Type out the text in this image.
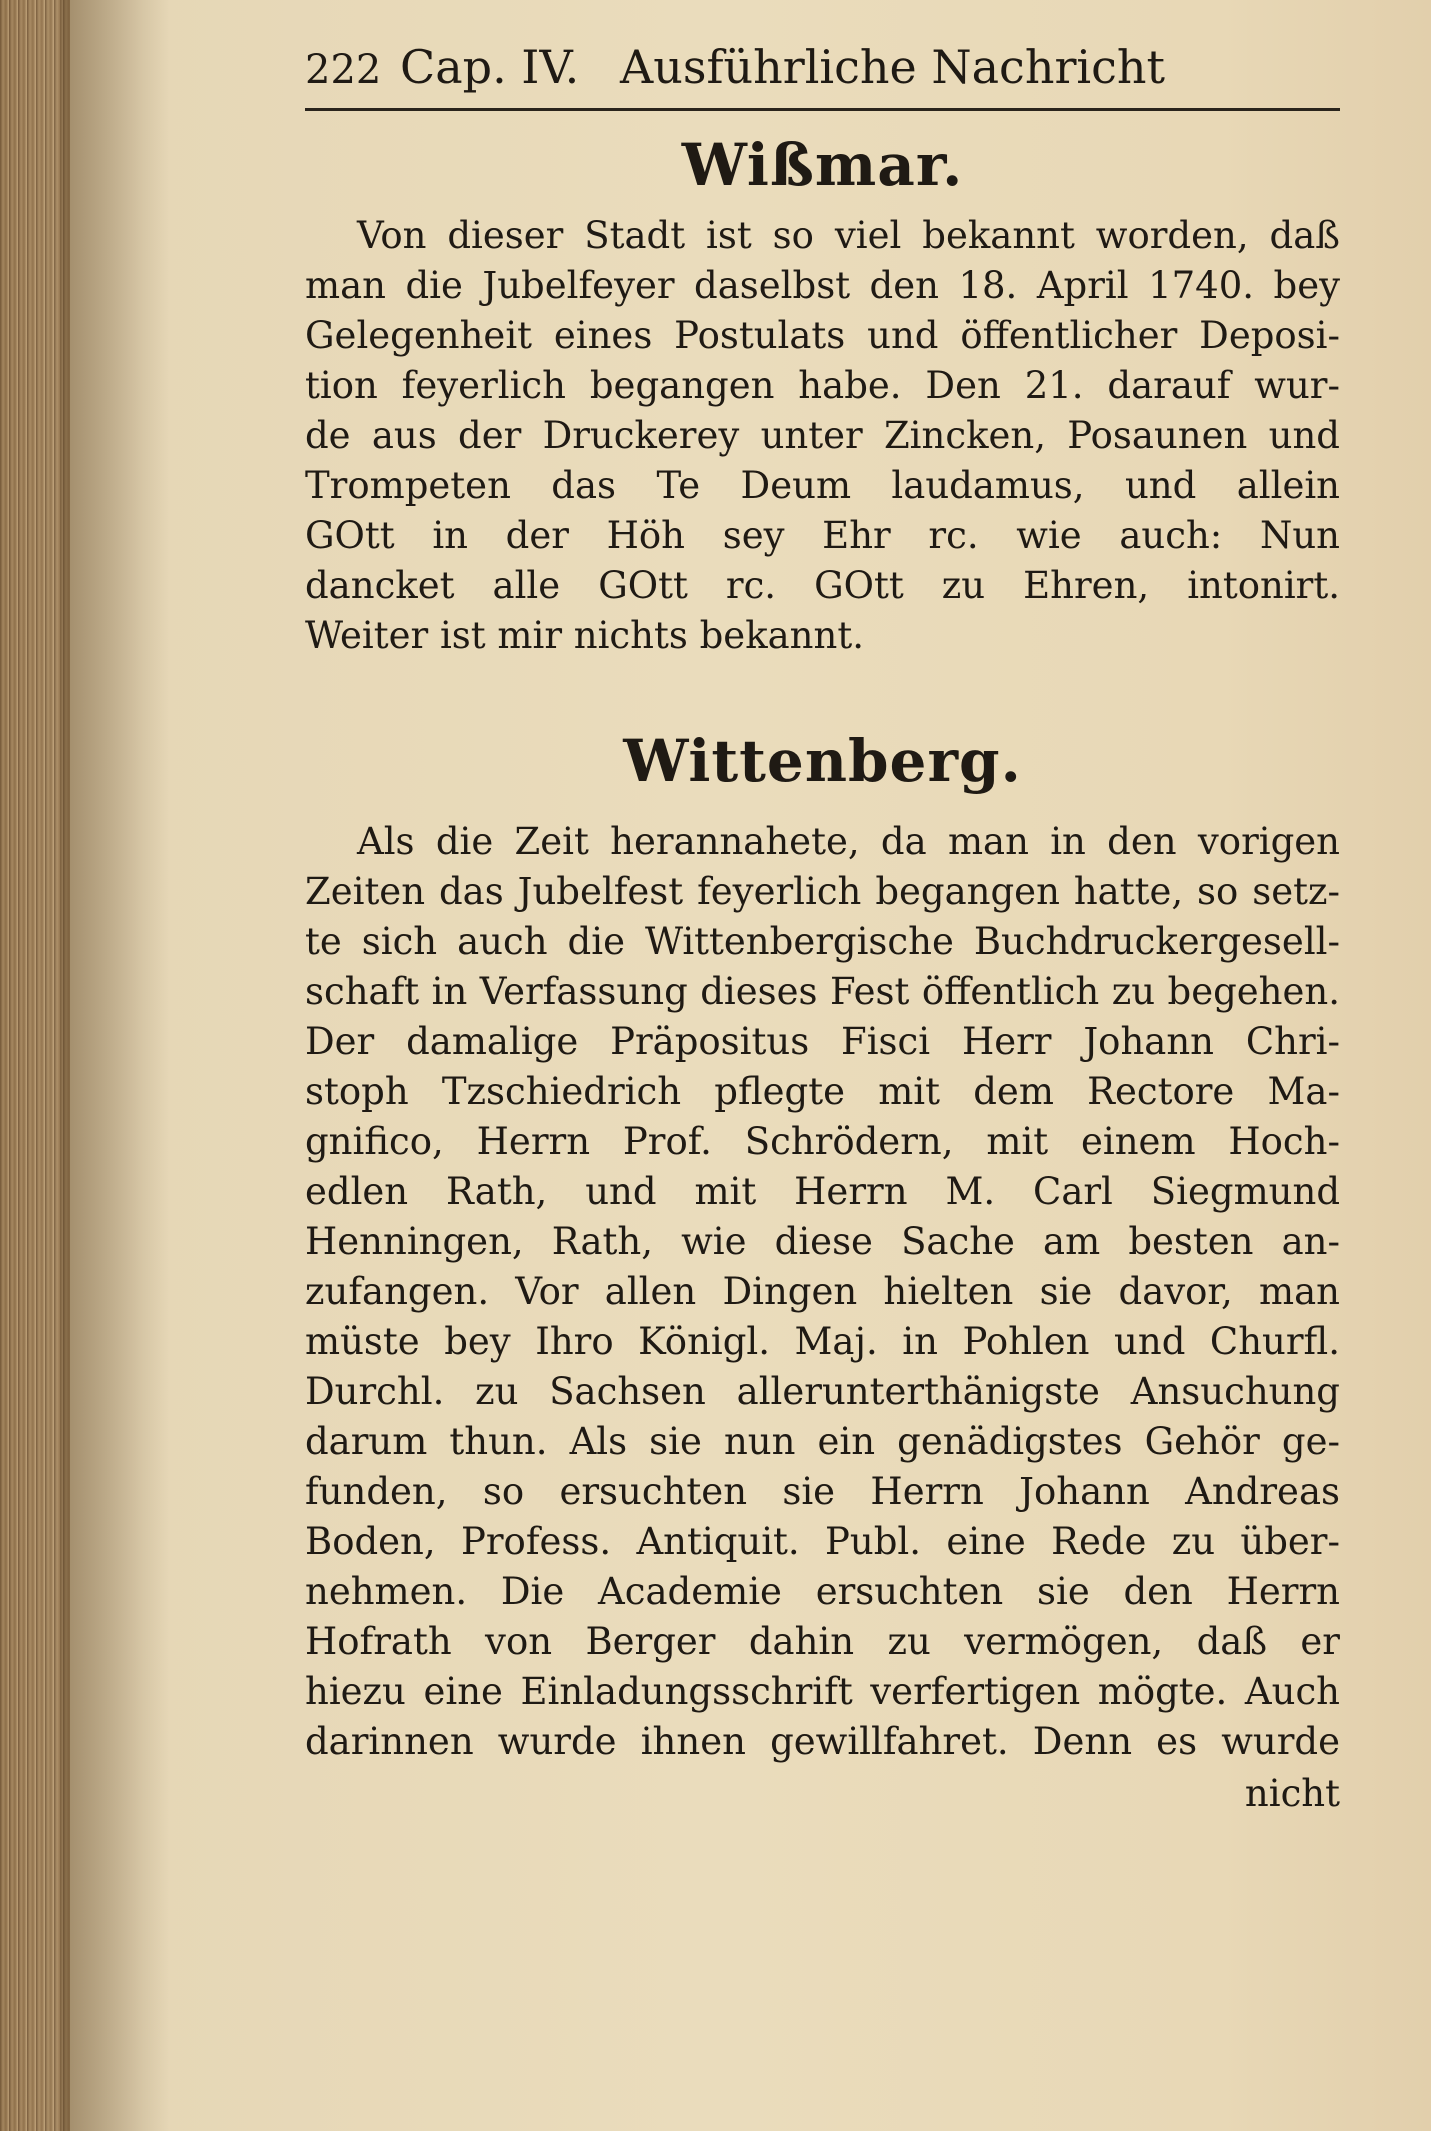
222 Cap. IV. Ausführliche Nachricht
Wißmar.
Von dieser Stadt ist so viel bekannt worden, daß
man die Jubelfeyer daselbst den 18. April 1740. bey
Gelegenheit eines Postulats und öffentlicher Deposi-
tion feyerlich begangen habe. Den 21. darauf wur-
de aus der Druckerey unter Zincken, Posaunen und
Trompeten das Te Deum laudamus, und allein
GOtt in der Höh sey Ehr rc. wie auch: Nun
dancket alle GOtt rc. GOtt zu Ehren, intonirt.
Weiter ist mir nichts bekannt.
Wittenberg.
Als die Zeit herannahete, da man in den vorigen
Zeiten das Jubelfest feyerlich begangen hatte, so setz-
te sich auch die Wittenbergische Buchdruckergesell-
schaft in Verfassung dieses Fest öffentlich zu begehen.
Der damalige Präpositus Fisci Herr Johann Chri-
stoph Tzschiedrich pflegte mit dem Rectore Ma-
gnifico, Herrn Prof. Schrödern, mit einem Hoch-
edlen Rath, und mit Herrn M. Carl Siegmund
Henningen, Rath, wie diese Sache am besten an-
zufangen. Vor allen Dingen hielten sie davor, man
müste bey Ihro Königl. Maj. in Pohlen und Churfl.
Durchl. zu Sachsen allerunterthänigste Ansuchung
darum thun. Als sie nun ein genädigstes Gehör ge-
funden, so ersuchten sie Herrn Johann Andreas
Boden, Profess. Antiquit. Publ. eine Rede zu über-
nehmen. Die Academie ersuchten sie den Herrn
Hofrath von Berger dahin zu vermögen, daß er
hiezu eine Einladungsschrift verfertigen mögte. Auch
darinnen wurde ihnen gewillfahret. Denn es wurde
nicht
